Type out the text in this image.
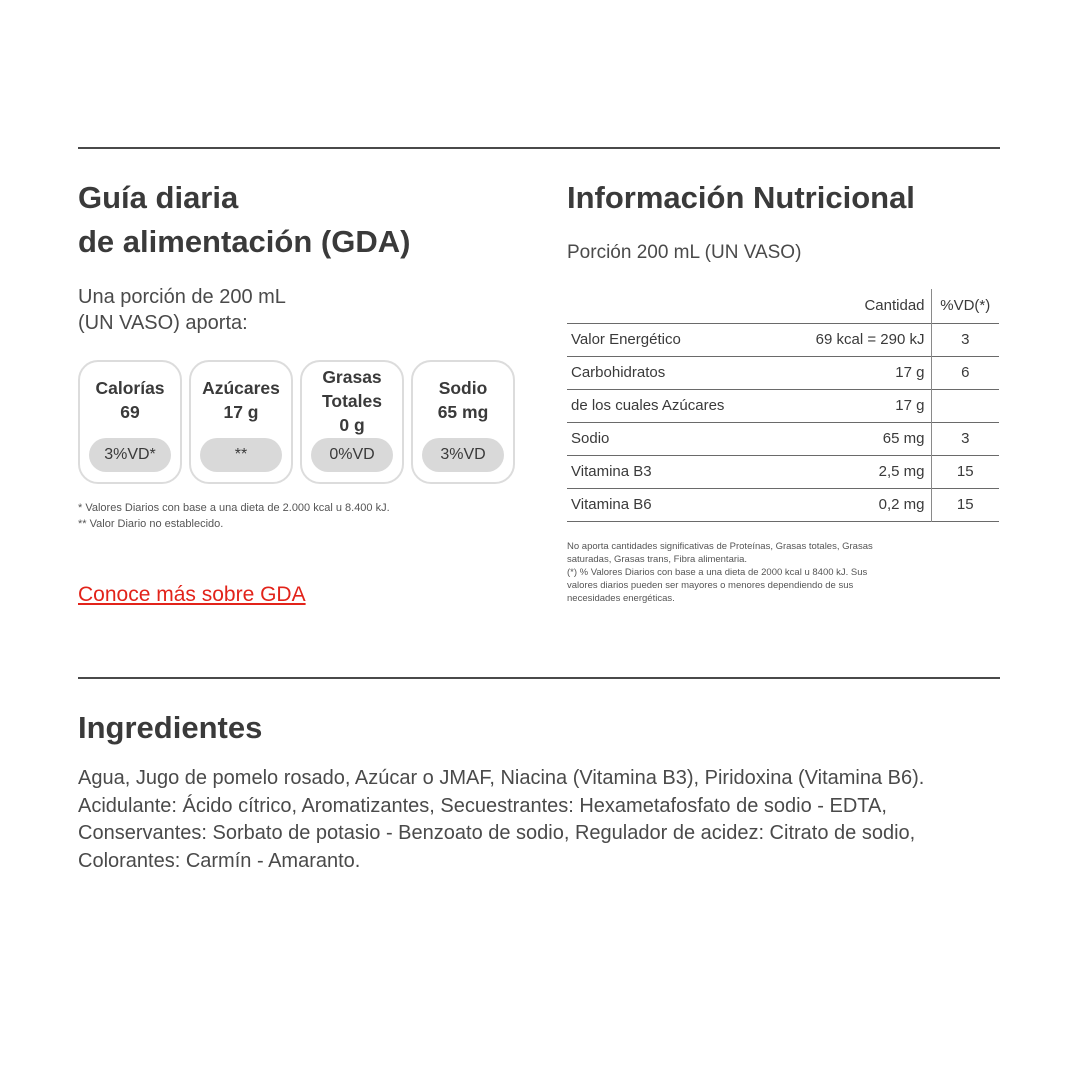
Guía diaria
de alimentación (GDA)
Una porción de 200 mL
(UN VASO) aporta:
Calorías
69
3%VD*
Azúcares
17 g
**
Grasas
Totales
0 g
0%VD
Sodio
65 mg
3%VD
* Valores Diarios con base a una dieta de 2.000 kcal u 8.400 kJ.
** Valor Diario no establecido.
Conoce más sobre GDA
Información Nutricional
Porción 200 mL (UN VASO)
	Cantidad	%VD(*)
Valor Energético	69 kcal = 290 kJ	3
Carbohidratos	17 g	6
de los cuales Azúcares	17 g	
Sodio	65 mg	3
Vitamina B3	2,5 mg	15
Vitamina B6	0,2 mg	15
No aporta cantidades significativas de Proteínas, Grasas totales, Grasas
saturadas, Grasas trans, Fibra alimentaria.
(*) % Valores Diarios con base a una dieta de 2000 kcal u 8400 kJ. Sus
valores diarios pueden ser mayores o menores dependiendo de sus
necesidades energéticas.
Ingredientes

Agua, Jugo de pomelo rosado, Azúcar o JMAF, Niacina (Vitamina B3), Piridoxina (Vitamina B6). Acidulante: Ácido cítrico, Aromatizantes, Secuestrantes: Hexametafosfato de sodio - EDTA, Conservantes: Sorbato de potasio - Benzoato de sodio, Regulador de acidez: Citrato de sodio, Colorantes: Carmín - Amaranto.
